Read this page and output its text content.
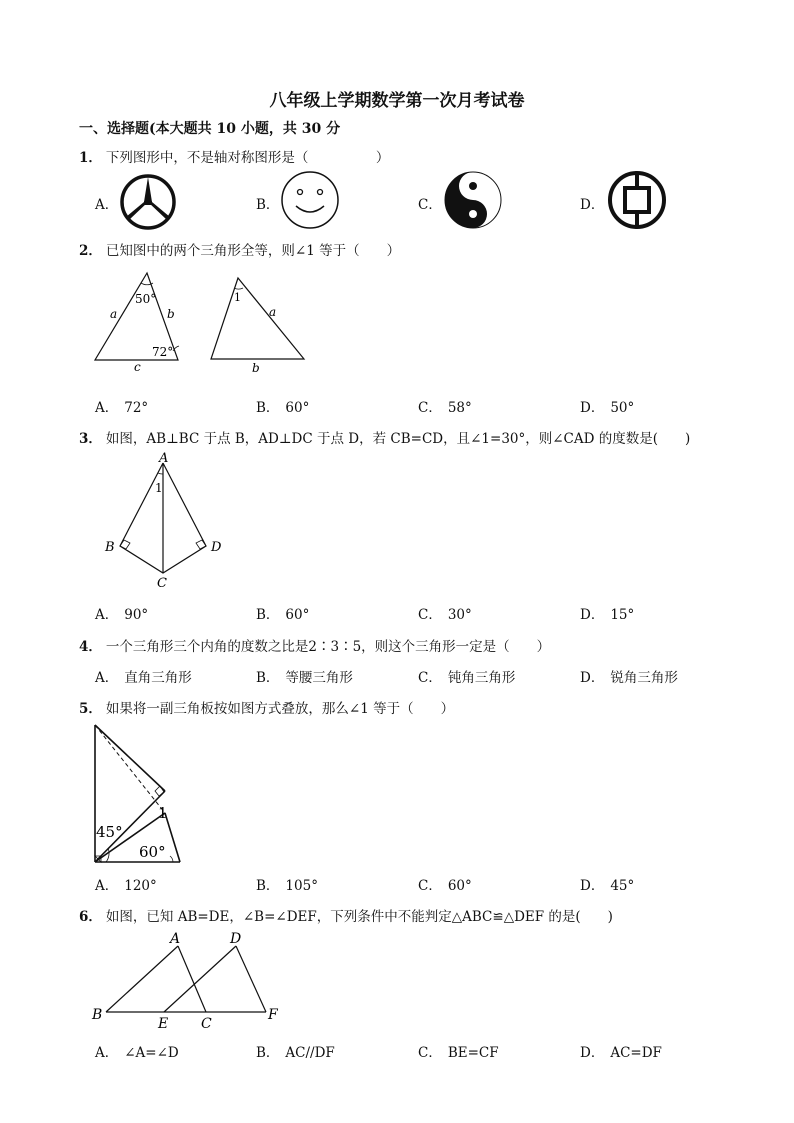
八年级上学期数学第一次月考试卷
一、选择题(本大题共 10 小题，共 30 分
1． 下列图形中，不是轴对称图形是（　　　　　）
A．	B．	C．	D．
2． 已知图中的两个三角形全等，则∠1 等于（　　）
50°
72°
a	b
c
1
a
b
A． 72°	B． 60°	C． 58°	D． 50°
3． 如图，AB⊥BC 于点 B，AD⊥DC 于点 D，若 CB=CD，且∠1=30°，则∠CAD 的度数是(　　)
A
B
C
D
1
A． 90°	B． 60°	C． 30°	D． 15°
4． 一个三角形三个内角的度数之比是2∶3∶5，则这个三角形一定是（　　）
A． 直角三角形	B． 等腰三角形	C． 钝角三角形	D． 锐角三角形
5． 如果将一副三角板按如图方式叠放，那么∠1 等于（　　）
45°
60°
1
A． 120°	B． 105°	C． 60°	D． 45°
6． 如图，已知 AB=DE，∠B=∠DEF，下列条件中不能判定△ABC≌△DEF 的是(　　)
A	D
B
E C
F
A． ∠A=∠D	B． AC//DF	C． BE=CF	D． AC=DF
